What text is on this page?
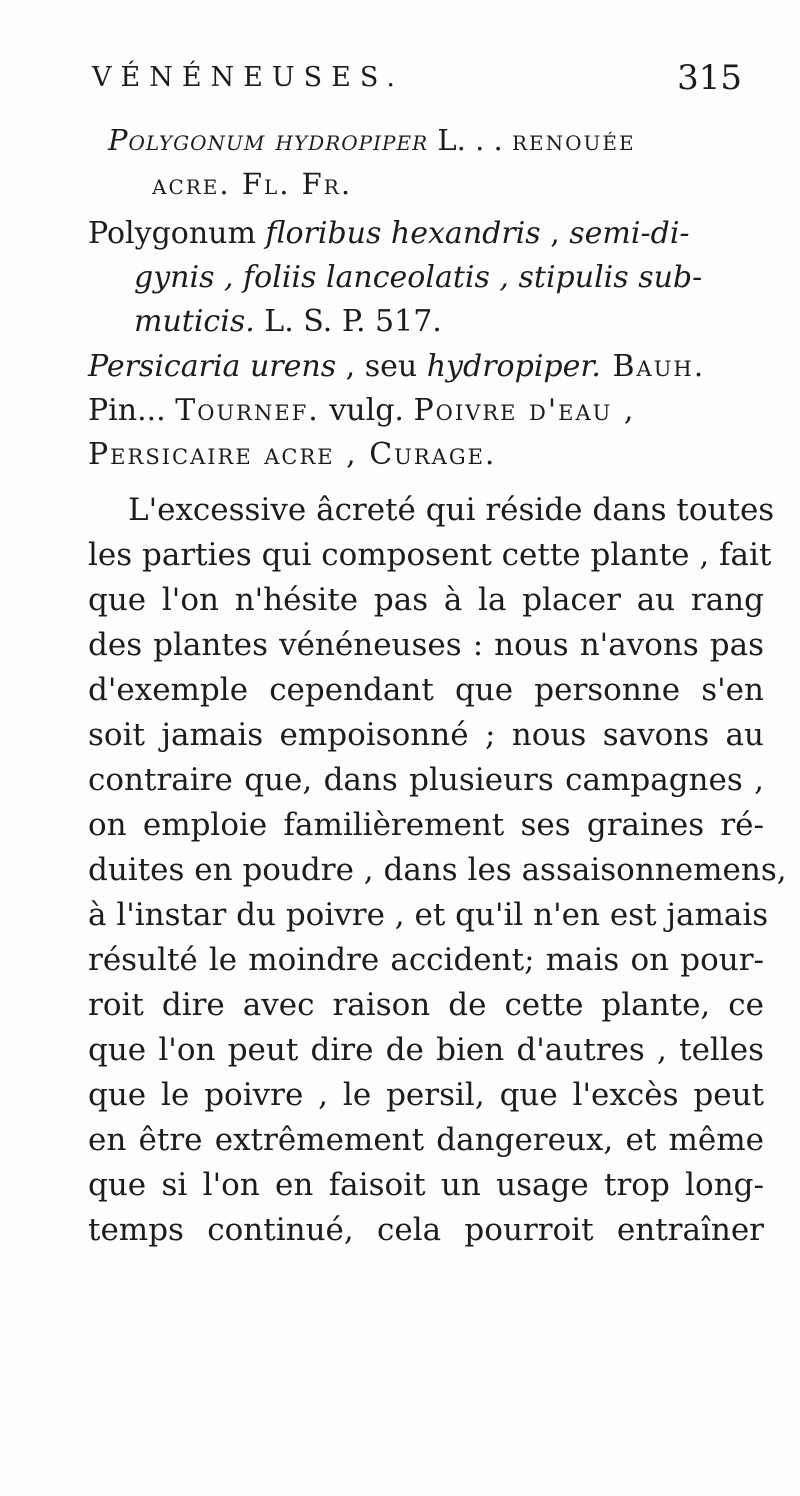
VÉNÉNEUSES.	315
Polygonum hydropiper L. . . renouée
acre. Fl. Fr.
Polygonum floribus hexandris , semi-di-
gynis , foliis lanceolatis , stipulis sub-
muticis. L. S. P. 517.
Persicaria urens , seu hydropiper. Bauh.
Pin... Tournef. vulg. Poivre d'eau ,
Persicaire acre , Curage.
L'excessive âcreté qui réside dans toutes
les parties qui composent cette plante , fait
que l'on n'hésite pas à la placer au rang
des plantes vénéneuses : nous n'avons pas
d'exemple cependant que personne s'en
soit jamais empoisonné ; nous savons au
contraire que, dans plusieurs campagnes ,
on emploie familièrement ses graines ré-
duites en poudre , dans les assaisonnemens,
à l'instar du poivre , et qu'il n'en est jamais
résulté le moindre accident; mais on pour-
roit dire avec raison de cette plante, ce
que l'on peut dire de bien d'autres , telles
que le poivre , le persil, que l'excès peut
en être extrêmement dangereux, et même
que si l'on en faisoit un usage trop long-
temps continué, cela pourroit entraîner
